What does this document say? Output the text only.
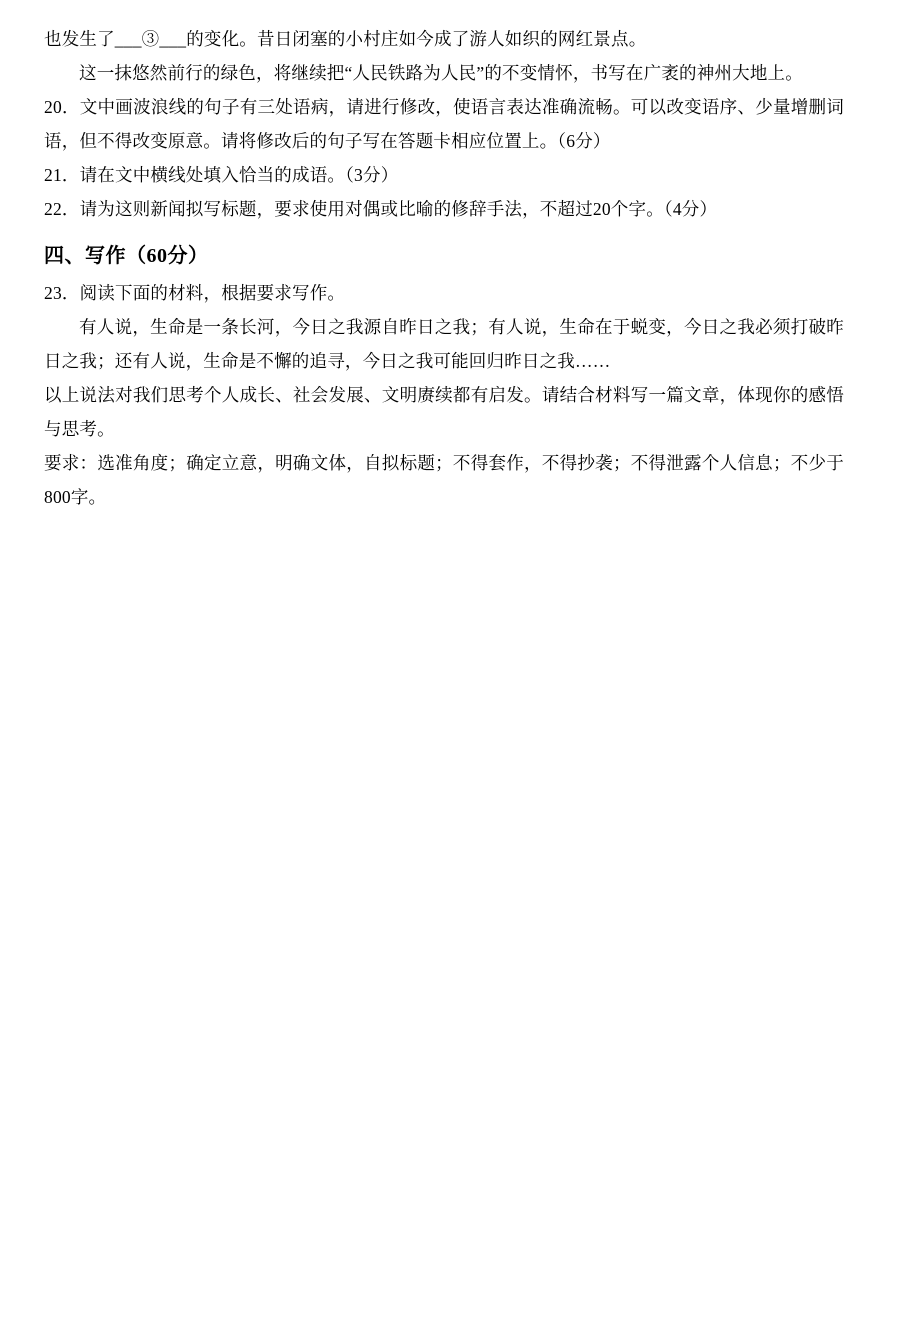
也发生了___③___的变化。昔日闭塞的小村庄如今成了游人如织的网红景点。
这一抹悠然前行的绿色，将继续把“人民铁路为人民”的不变情怀，书写在广袤的神州大地上。
20．文中画波浪线的句子有三处语病，请进行修改，使语言表达准确流畅。可以改变语序、少量增删词语，但不得改变原意。请将修改后的句子写在答题卡相应位置上。（6分）
21．请在文中横线处填入恰当的成语。（3分）
22．请为这则新闻拟写标题，要求使用对偶或比喻的修辞手法，不超过20个字。（4分）
四、写作（60分）
23．阅读下面的材料，根据要求写作。
有人说，生命是一条长河，今日之我源自昨日之我；有人说，生命在于蜕变，今日之我必须打破昨日之我；还有人说，生命是不懈的追寻，今日之我可能回归昨日之我……
以上说法对我们思考个人成长、社会发展、文明赓续都有启发。请结合材料写一篇文章，体现你的感悟与思考。
要求：选准角度；确定立意，明确文体，自拟标题；不得套作，不得抄袭；不得泄露个人信息；不少于800字。
